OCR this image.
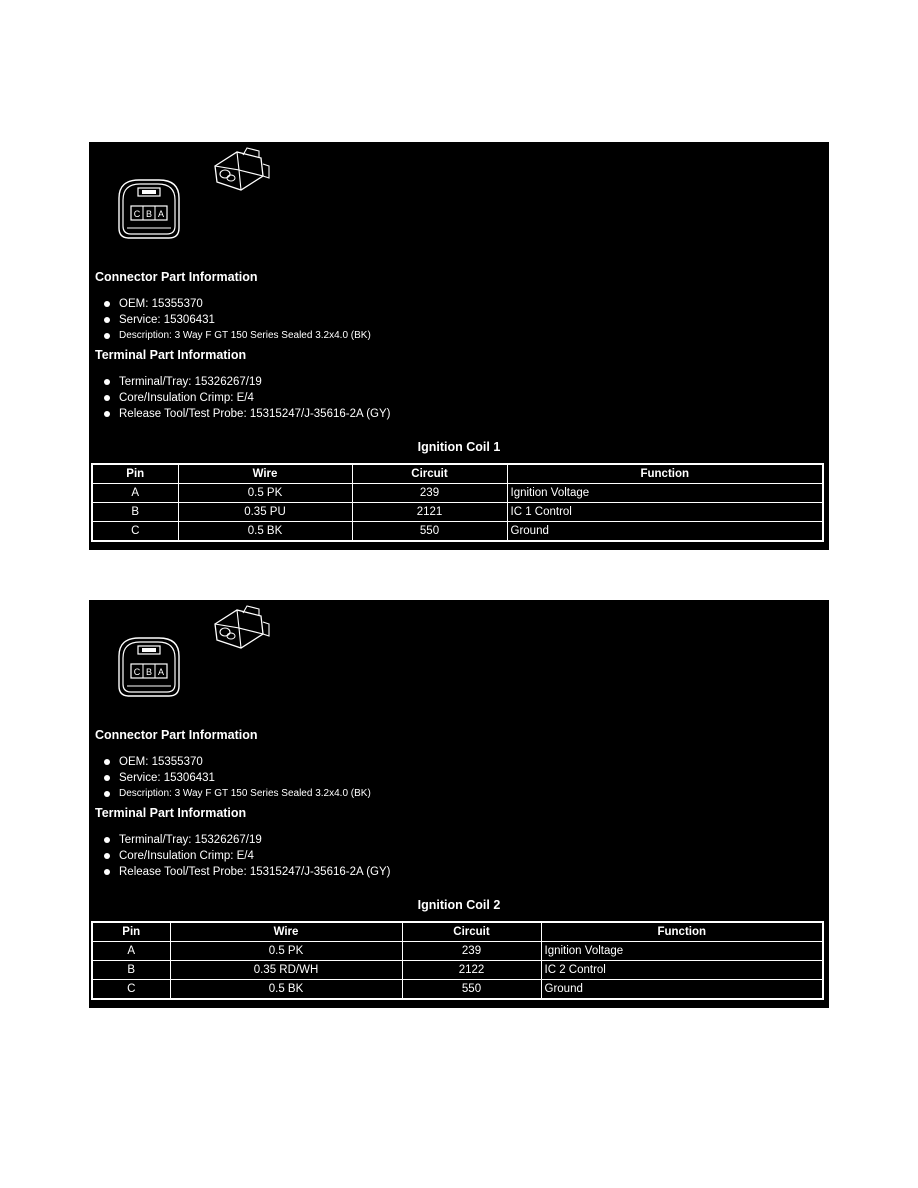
C B A

Connector Part Information

OEM: 15355370
Service: 15306431
Description: 3 Way F GT 150 Series Sealed 3.2x4.0 (BK)

Terminal Part Information

Terminal/Tray: 15326267/19
Core/Insulation Crimp: E/4
Release Tool/Test Probe: 15315247/J-35616-2A (GY)

Ignition Coil 1

Pin	Wire	Circuit	Function
A	0.5 PK	239	Ignition Voltage
B	0.35 PU	2121	IC 1 Control
C	0.5 BK	550	Ground
C B A

Connector Part Information

OEM: 15355370
Service: 15306431
Description: 3 Way F GT 150 Series Sealed 3.2x4.0 (BK)

Terminal Part Information

Terminal/Tray: 15326267/19
Core/Insulation Crimp: E/4
Release Tool/Test Probe: 15315247/J-35616-2A (GY)

Ignition Coil 2

Pin	Wire	Circuit	Function
A	0.5 PK	239	Ignition Voltage
B	0.35 RD/WH	2122	IC 2 Control
C	0.5 BK	550	Ground
